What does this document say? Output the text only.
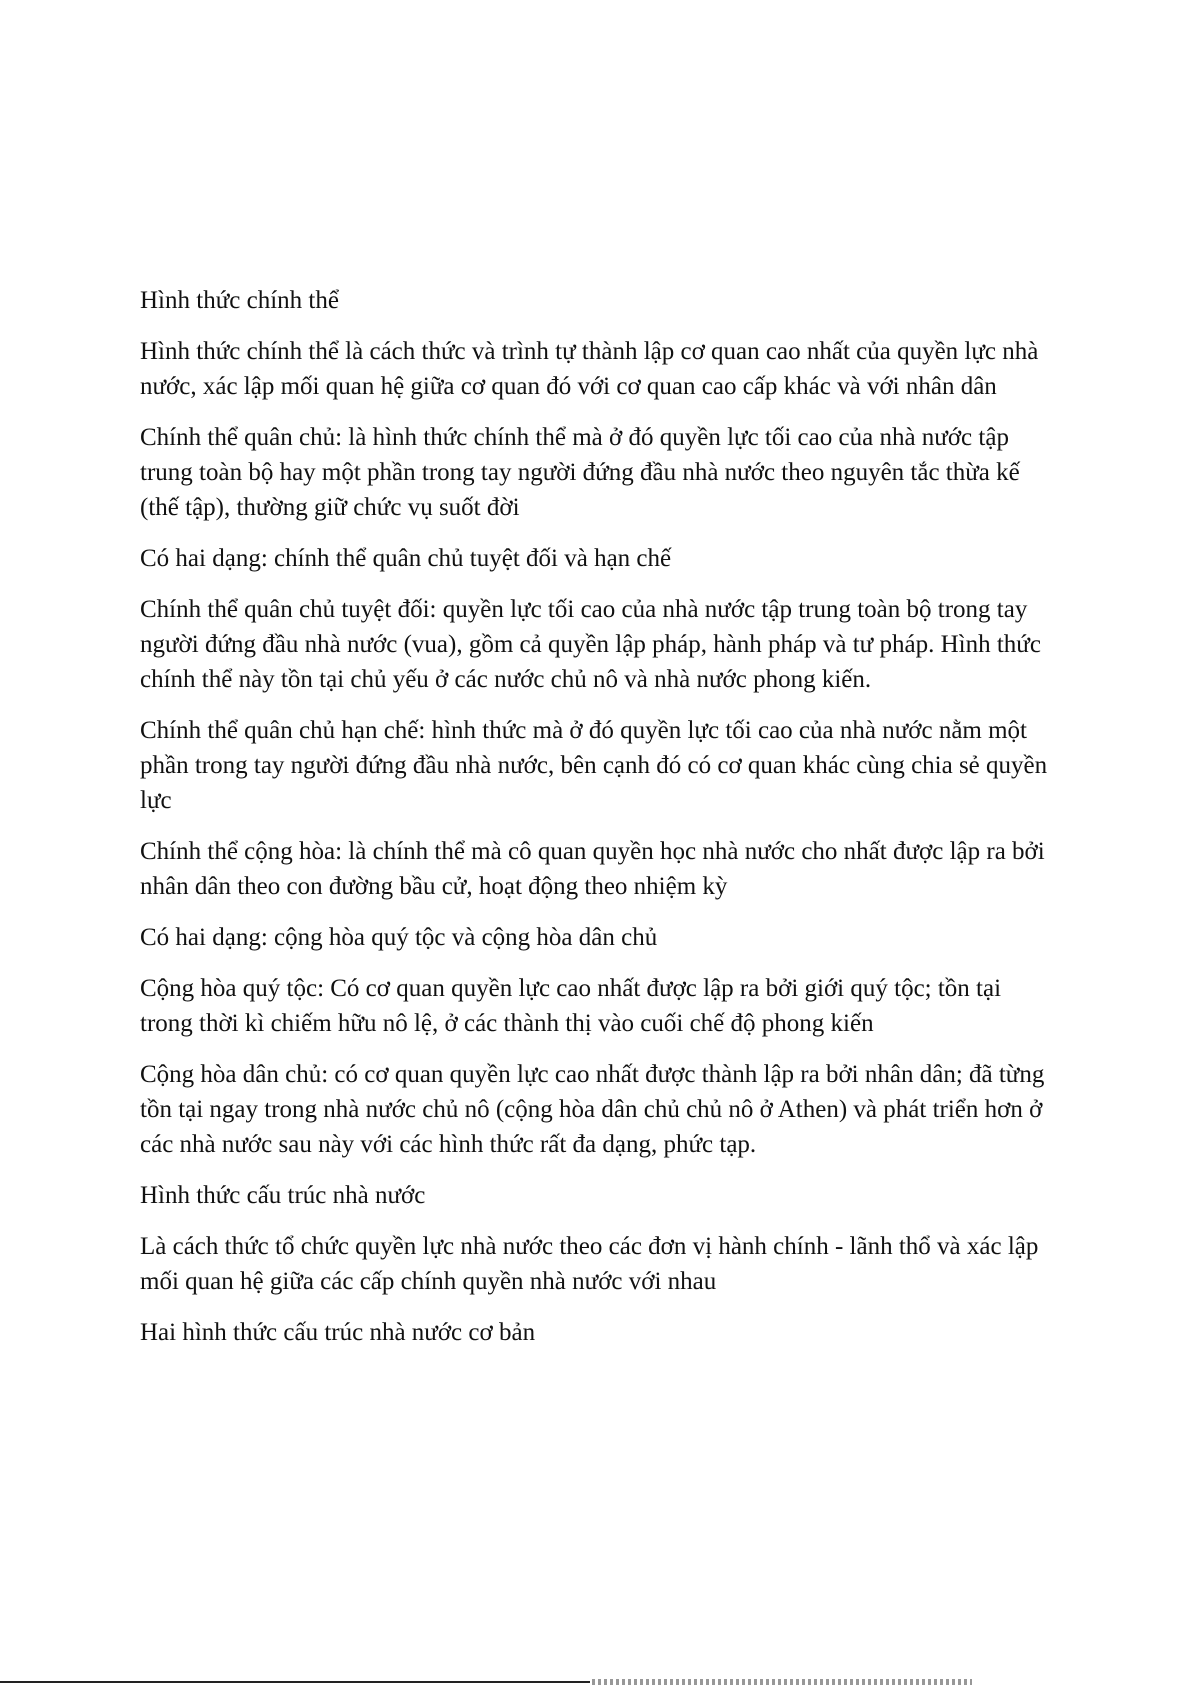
Hình thức chính thể

Hình thức chính thể là cách thức và trình tự thành lập cơ quan cao nhất của quyền lực nhà nước, xác lập mối quan hệ giữa cơ quan đó với cơ quan cao cấp khác và với nhân dân

Chính thể quân chủ: là hình thức chính thể mà ở đó quyền lực tối cao của nhà nước tập trung toàn bộ hay một phần trong tay người đứng đầu nhà nước theo nguyên tắc thừa kế (thế tập), thường giữ chức vụ suốt đời

Có hai dạng: chính thể quân chủ tuyệt đối và hạn chế

Chính thể quân chủ tuyệt đối: quyền lực tối cao của nhà nước tập trung toàn bộ trong tay người đứng đầu nhà nước (vua), gồm cả quyền lập pháp, hành pháp và tư pháp. Hình thức chính thể này tồn tại chủ yếu ở các nước chủ nô và nhà nước phong kiến.

Chính thể quân chủ hạn chế: hình thức mà ở đó quyền lực tối cao của nhà nước nằm một phần trong tay người đứng đầu nhà nước, bên cạnh đó có cơ quan khác cùng chia sẻ quyền lực

Chính thể cộng hòa: là chính thể mà cô quan quyền học nhà nước cho nhất được lập ra bởi nhân dân theo con đường bầu cử, hoạt động theo nhiệm kỳ

Có hai dạng: cộng hòa quý tộc và cộng hòa dân chủ

Cộng hòa quý tộc: Có cơ quan quyền lực cao nhất được lập ra bởi giới quý tộc; tồn tại trong thời kì chiếm hữu nô lệ, ở các thành thị vào cuối chế độ phong kiến

Cộng hòa dân chủ: có cơ quan quyền lực cao nhất được thành lập ra bởi nhân dân; đã từng tồn tại ngay trong nhà nước chủ nô (cộng hòa dân chủ chủ nô ở Athen) và phát triển hơn ở các nhà nước sau này với các hình thức rất đa dạng, phức tạp.

Hình thức cấu trúc nhà nước

Là cách thức tổ chức quyền lực nhà nước theo các đơn vị hành chính - lãnh thổ và xác lập mối quan hệ giữa các cấp chính quyền nhà nước với nhau

Hai hình thức cấu trúc nhà nước cơ bản
